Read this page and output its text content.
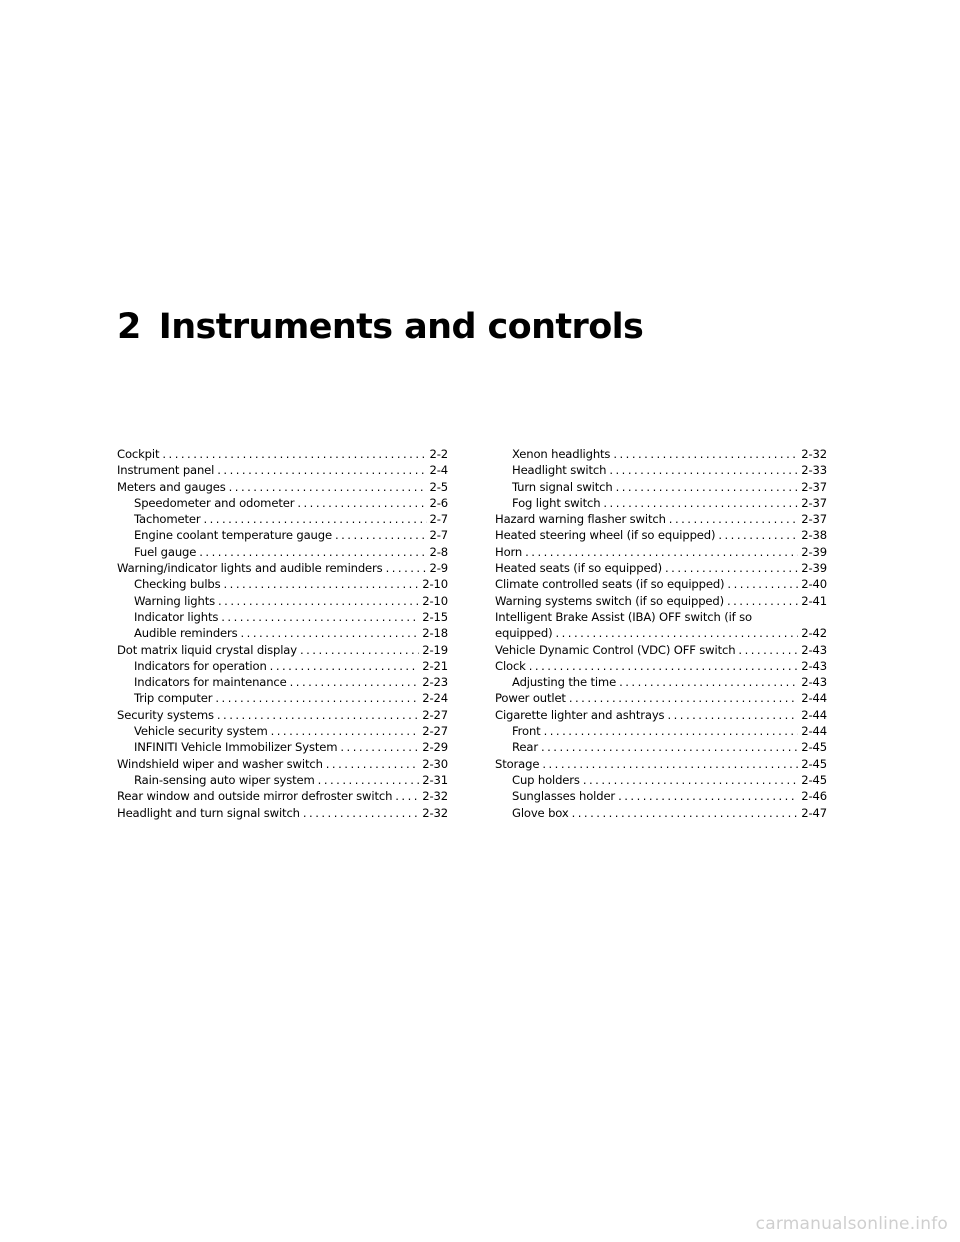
2 Instruments and controls
Cockpit . . .	2-2
Instrument panel . . .	2-4
Meters and gauges . . .	2-5
Speedometer and odometer . . .	2-6
Tachometer . . .	2-7
Engine coolant temperature gauge . . .	2-7
Fuel gauge . . .	2-8
Warning/indicator lights and audible reminders . . .	2-9
Checking bulbs . . .	2-10
Warning lights . . .	2-10
Indicator lights . . .	2-15
Audible reminders . . .	2-18
Dot matrix liquid crystal display . . .	2-19
Indicators for operation . . .	2-21
Indicators for maintenance . . .	2-23
Trip computer . . .	2-24
Security systems . . .	2-27
Vehicle security system . . .	2-27
INFINITI Vehicle Immobilizer System . . .	2-29
Windshield wiper and washer switch . . .	2-30
Rain-sensing auto wiper system . . .	2-31
Rear window and outside mirror defroster switch . . .	2-32
Headlight and turn signal switch . . .	2-32
Xenon headlights . . .	2-32
Headlight switch . . .	2-33
Turn signal switch . . .	2-37
Fog light switch . . .	2-37
Hazard warning flasher switch . . .	2-37
Heated steering wheel (if so equipped) . . .	2-38
Horn . . .	2-39
Heated seats (if so equipped) . . .	2-39
Climate controlled seats (if so equipped) . . .	2-40
Warning systems switch (if so equipped) . . .	2-41
Intelligent Brake Assist (IBA) OFF switch (if so
equipped) . . .	2-42
Vehicle Dynamic Control (VDC) OFF switch . . .	2-43
Clock . . .	2-43
Adjusting the time . . .	2-43
Power outlet . . .	2-44
Cigarette lighter and ashtrays . . .	2-44
Front . . .	2-44
Rear . . .	2-45
Storage . . .	2-45
Cup holders . . .	2-45
Sunglasses holder . . .	2-46
Glove box . . .	2-47
carmanualsonline.info
